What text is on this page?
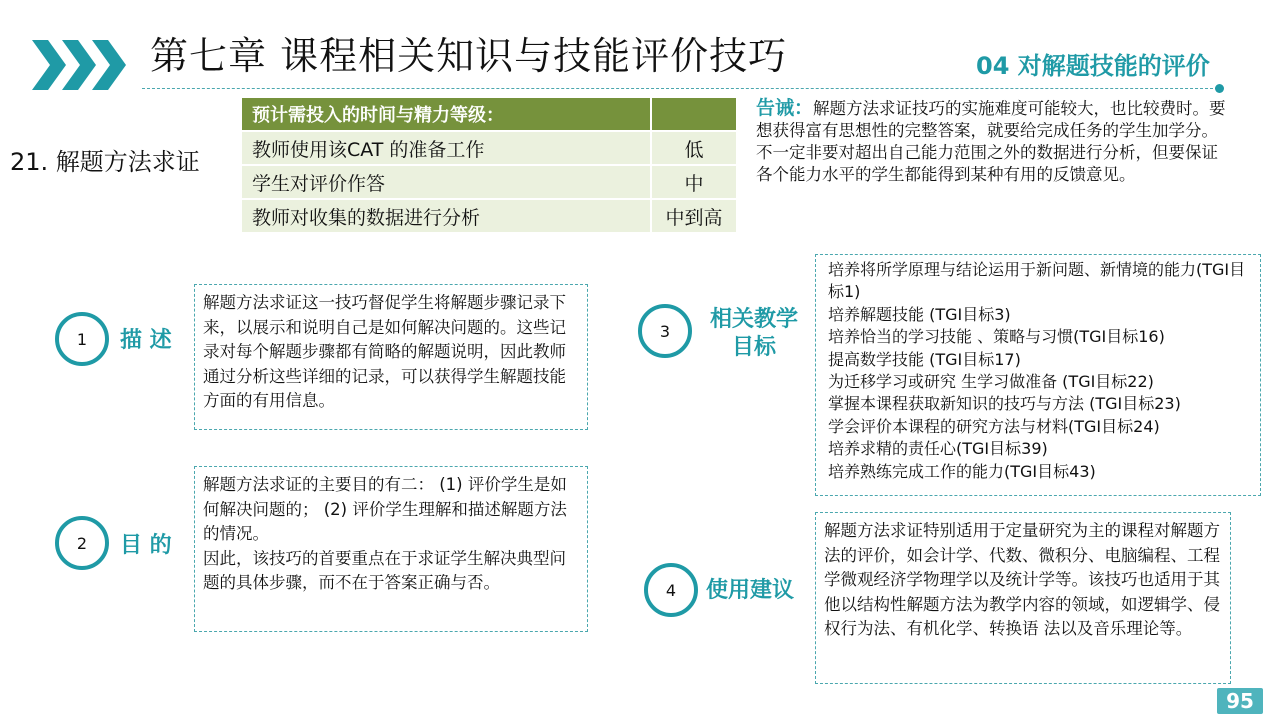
第七章 课程相关知识与技能评价技巧	04 对解题技能的评价
21. 解题方法求证
预计需投入的时间与精力等级：	
教师使用该CAT 的准备工作	低
学生对评价作答	中
教师对收集的数据进行分析	中到高
告诫：解题方法求证技巧的实施难度可能较大，也比较费时。要想获得富有思想性的完整答案，就要给完成任务的学生加学分。不一定非要对超出自己能力范围之外的数据进行分析，但要保证各个能力水平的学生都能得到某种有用的反馈意见。
1	描 述

解题方法求证这一技巧督促学生将解题步骤记录下来，以展示和说明自己是如何解决问题的。这些记录对每个解题步骤都有简略的解题说明，因此教师通过分析这些详细的记录，可以获得学生解题技能方面的有用信息。

2	目 的

解题方法求证的主要目的有二： (1) 评价学生是如何解决问题的； (2) 评价学生理解和描述解题方法的情况。

因此，该技巧的首要重点在于求证学生解决典型问题的具体步骤，而不在于答案正确与否。

3	相关教学
目标

培养将所学原理与结论运用于新问题、新情境的能力(TGI目标1)

培养解题技能 (TGI目标3)

培养恰当的学习技能 、策略与习惯(TGI目标16)

提高数学技能 (TGI目标17)

为迁移学习或研究 生学习做准备 (TGI目标22)

掌握本课程获取新知识的技巧与方法 (TGI目标23)

学会评价本课程的研究方法与材料(TGI目标24)

培养求精的责任心(TGI目标39)

培养熟练完成工作的能力(TGI目标43)

4	使用建议

解题方法求证特别适用于定量研究为主的课程对解题方法的评价，如会计学、代数、微积分、电脑编程、工程学微观经济学物理学以及统计学等。该技巧也适用于其他以结构性解题方法为教学内容的领域，如逻辑学、侵权行为法、有机化学、转换语 法以及音乐理论等。

95
